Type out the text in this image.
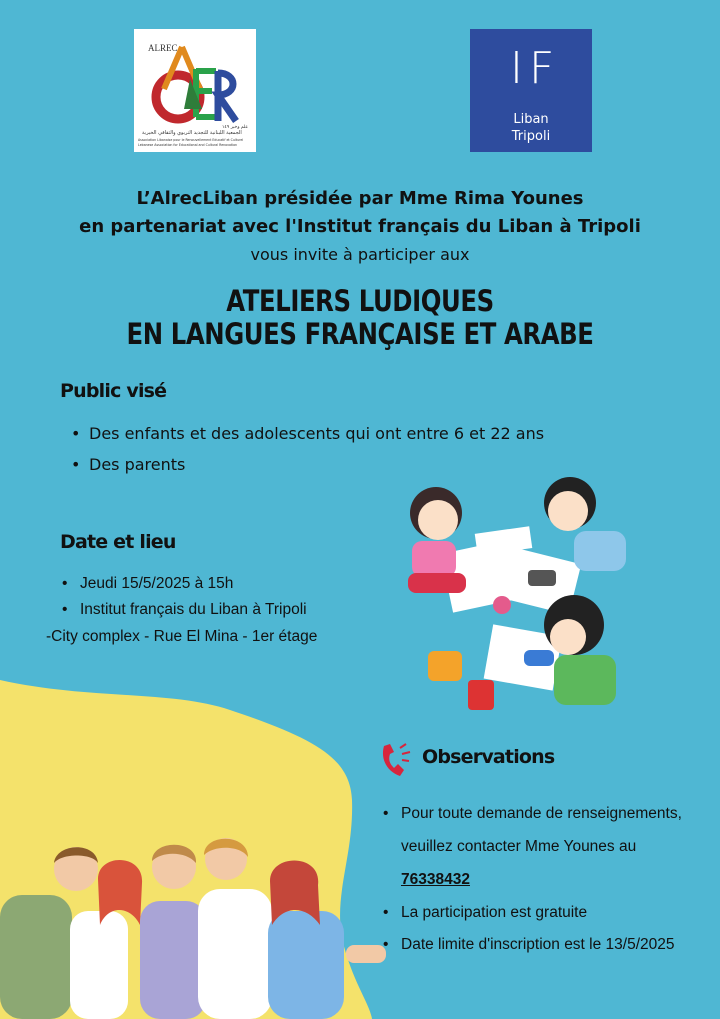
ALREC
الجمعية اللبنانية للتجديد التربوي والثقافي الخيرية
Association Libanaise pour le Renouvellement Educatif et Culturel
Lebanese Association for Educational and Cultural Renovation
علم وخبر ١٤٩
IF
Liban
Tripoli
L’AlrecLiban présidée par Mme Rima Younes
en partenariat avec l'Institut français du Liban à Tripoli
vous invite à participer aux
ATELIERS LUDIQUES
EN LANGUES FRANÇAISE ET ARABE
Public visé
• Des enfants et des adolescents qui ont entre 6 et 22 ans
• Des parents
Date et lieu
• Jeudi 15/5/2025 à 15h
• Institut français du Liban à Tripoli
-City complex - Rue El Mina - 1er étage
Observations
• Pour toute demande de renseignements,
veuillez contacter Mme Younes au
76338432
• La participation est gratuite
• Date limite d'inscription est le 13/5/2025
